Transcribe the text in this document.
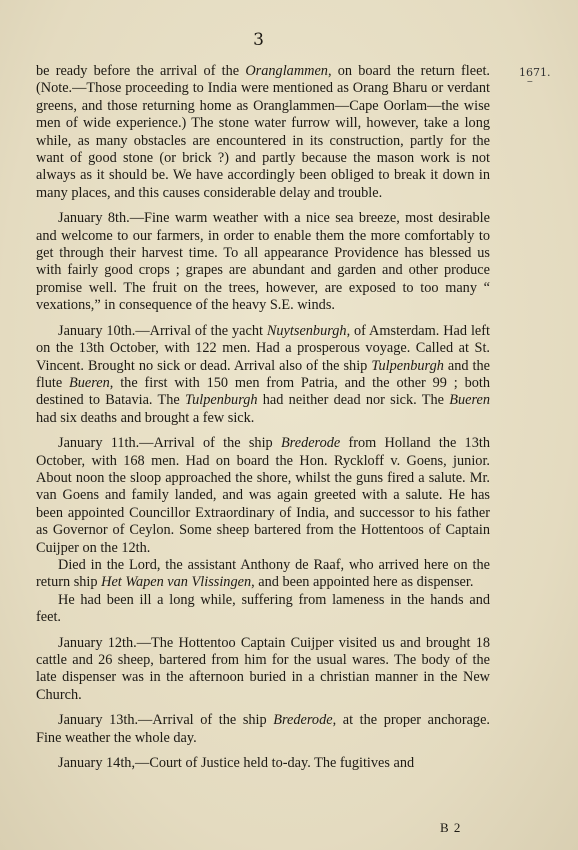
3
1671.
‒

be ready before the arrival of the Oranglammen, on board the return fleet. (Note.—Those proceeding to India were mentioned as Orang Bharu or verdant greens, and those returning home as Oranglammen—Cape Oorlam—the wise men of wide experience.) The stone water furrow will, however, take a long while, as many obstacles are encountered in its construction, partly for the want of good stone (or brick ?) and partly because the mason work is not always as it should be. We have accordingly been obliged to break it down in many places, and this causes considerable delay and trouble.

January 8th.—Fine warm weather with a nice sea breeze, most desirable and welcome to our farmers, in order to enable them the more comfortably to get through their harvest time. To all appearance Providence has blessed us with fairly good crops ; grapes are abundant and garden and other produce promise well. The fruit on the trees, however, are exposed to too many “ vexations,” in consequence of the heavy S.E. winds.

January 10th.—Arrival of the yacht Nuytsenburgh, of Amsterdam. Had left on the 13th October, with 122 men. Had a prosperous voyage. Called at St. Vincent. Brought no sick or dead. Arrival also of the ship Tulpenburgh and the flute Bueren, the first with 150 men from Patria, and the other 99 ; both destined to Batavia. The Tulpenburgh had neither dead nor sick. The Bueren had six deaths and brought a few sick.

January 11th.—Arrival of the ship Brederode from Holland the 13th October, with 168 men. Had on board the Hon. Ryckloff v. Goens, junior. About noon the sloop approached the shore, whilst the guns fired a salute. Mr. van Goens and family landed, and was again greeted with a salute. He has been appointed Councillor Extraordinary of India, and successor to his father as Governor of Ceylon. Some sheep bartered from the Hottentoos of Captain Cuijper on the 12th.

Died in the Lord, the assistant Anthony de Raaf, who arrived here on the return ship Het Wapen van Vlissingen, and been appointed here as dispenser.

He had been ill a long while, suffering from lameness in the hands and feet.

January 12th.—The Hottentoo Captain Cuijper visited us and brought 18 cattle and 26 sheep, bartered from him for the usual wares. The body of the late dispenser was in the afternoon buried in a christian manner in the New Church.

January 13th.—Arrival of the ship Brederode, at the proper anchorage. Fine weather the whole day.

January 14th,—Court of Justice held to-day. The fugitives and

B 2
